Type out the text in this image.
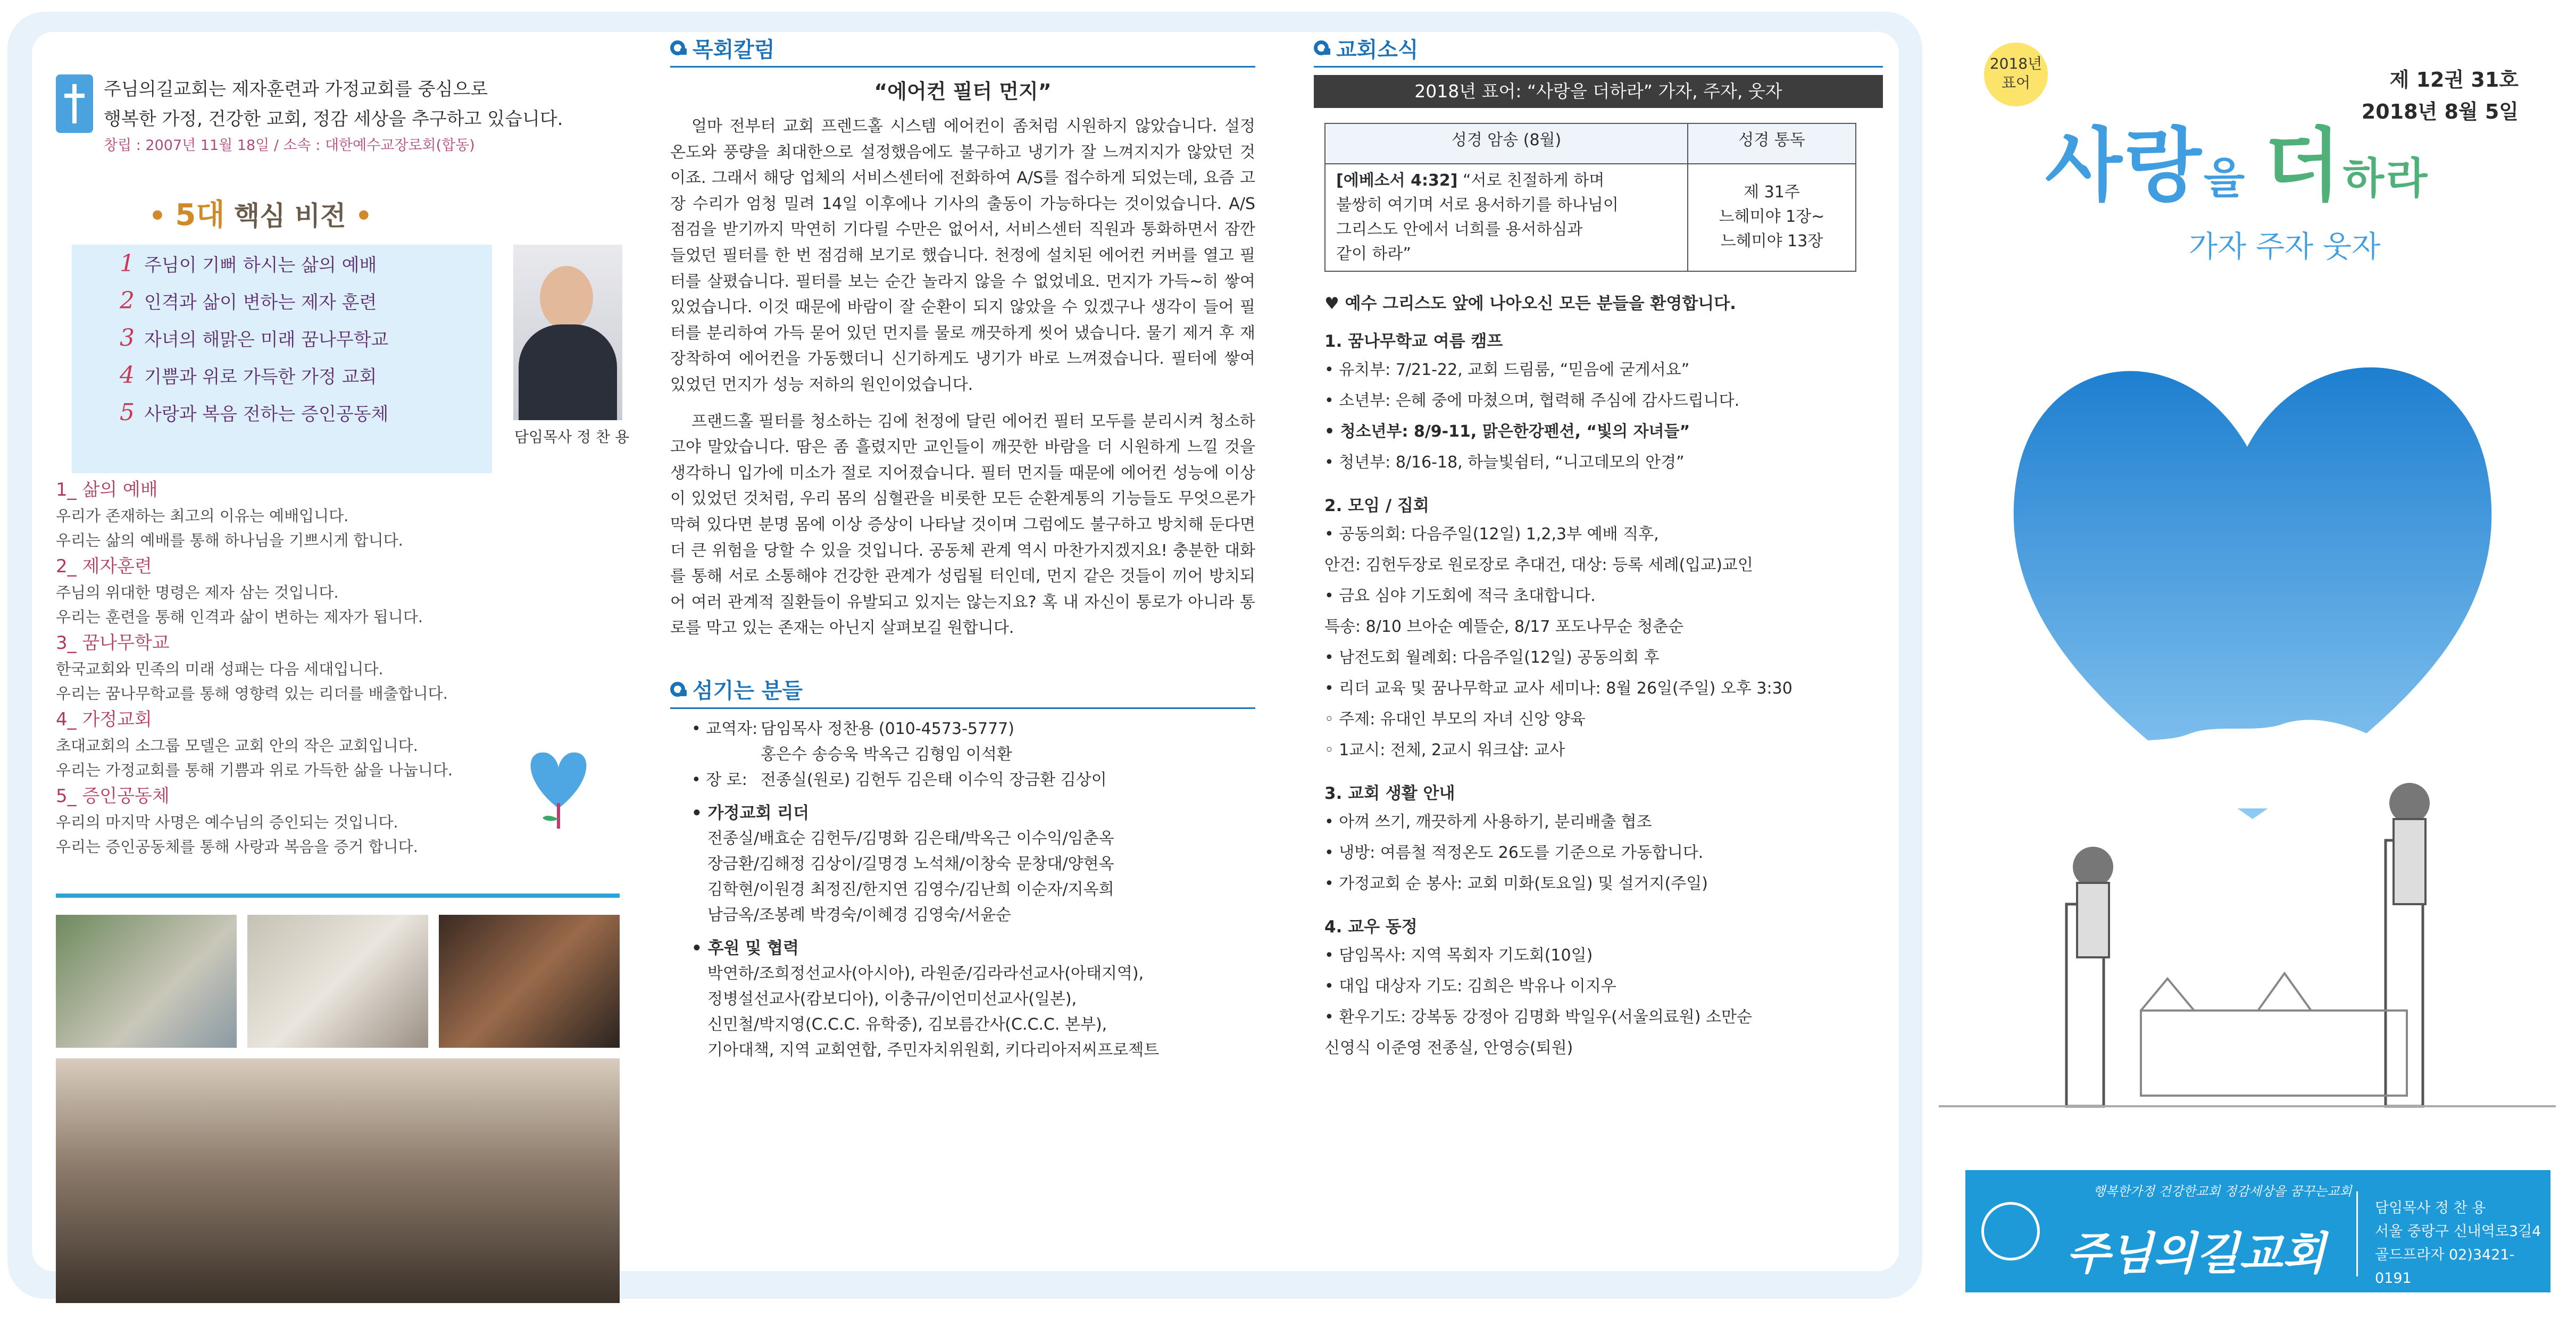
주님의길교회는 제자훈련과 가정교회를 중심으로
행복한 가정, 건강한 교회, 정감 세상을 추구하고 있습니다.
창립 : 2007년 11월 18일 / 소속 : 대한예수교장로회(합동)
• 5대 핵심 비전 •
1 주님이 기뻐 하시는 삶의 예배
2 인격과 삶이 변하는 제자 훈련
3 자녀의 해맑은 미래 꿈나무학교
4 기쁨과 위로 가득한 가정 교회
5 사랑과 복음 전하는 증인공동체
담임목사 정 찬 용
1_ 삶의 예배
우리가 존재하는 최고의 이유는 예배입니다.
우리는 삶의 예배를 통해 하나님을 기쁘시게 합니다.
2_ 제자훈련
주님의 위대한 명령은 제자 삼는 것입니다.
우리는 훈련을 통해 인격과 삶이 변하는 제자가 됩니다.
3_ 꿈나무학교
한국교회와 민족의 미래 성패는 다음 세대입니다.
우리는 꿈나무학교를 통해 영향력 있는 리더를 배출합니다.
4_ 가정교회
초대교회의 소그룹 모델은 교회 안의 작은 교회입니다.
우리는 가정교회를 통해 기쁨과 위로 가득한 삶을 나눕니다.
5_ 증인공동체
우리의 마지막 사명은 예수님의 증인되는 것입니다.
우리는 증인공동체를 통해 사랑과 복음을 증거 합니다.
목회칼럼
“에어컨 필터 먼지”
얼마 전부터 교회 프렌드홀 시스템 에어컨이 좀처럼 시원하지 않았습니다. 설정 온도와 풍량을 최대한으로 설정했음에도 불구하고 냉기가 잘 느껴지지가 않았던 것이죠. 그래서 해당 업체의 서비스센터에 전화하여 A/S를 접수하게 되었는데, 요즘 고장 수리가 엄청 밀려 14일 이후에나 기사의 출동이 가능하다는 것이었습니다. A/S 점검을 받기까지 막연히 기다릴 수만은 없어서, 서비스센터 직원과 통화하면서 잠깐 들었던 필터를 한 번 점검해 보기로 했습니다. 천정에 설치된 에어컨 커버를 열고 필터를 살폈습니다. 필터를 보는 순간 놀라지 않을 수 없었네요. 먼지가 가득~히 쌓여 있었습니다. 이것 때문에 바람이 잘 순환이 되지 않았을 수 있겠구나 생각이 들어 필터를 분리하여 가득 묻어 있던 먼지를 물로 깨끗하게 씻어 냈습니다. 물기 제거 후 재장착하여 에어컨을 가동했더니 신기하게도 냉기가 바로 느껴졌습니다. 필터에 쌓여 있었던 먼지가 성능 저하의 원인이었습니다.
프랜드홀 필터를 청소하는 김에 천정에 달린 에어컨 필터 모두를 분리시켜 청소하고야 말았습니다. 땀은 좀 흘렸지만 교인들이 깨끗한 바람을 더 시원하게 느낄 것을 생각하니 입가에 미소가 절로 지어졌습니다. 필터 먼지들 때문에 에어컨 성능에 이상이 있었던 것처럼, 우리 몸의 심혈관을 비롯한 모든 순환계통의 기능들도 무엇으론가 막혀 있다면 분명 몸에 이상 증상이 나타날 것이며 그럼에도 불구하고 방치해 둔다면 더 큰 위험을 당할 수 있을 것입니다. 공동체 관계 역시 마찬가지겠지요! 충분한 대화를 통해 서로 소통해야 건강한 관계가 성립될 터인데, 먼지 같은 것들이 끼어 방치되어 여러 관계적 질환들이 유발되고 있지는 않는지요? 혹 내 자신이 통로가 아니라 통로를 막고 있는 존재는 아닌지 살펴보길 원합니다.
섬기는 분들
• 교역자: 담임목사 정찬용 (010-4573-5777)
홍은수 송승욱 박옥근 김형임 이석환
• 장 로: 전종실(원로) 김헌두 김은태 이수익 장금환 김상이
• 가정교회 리더
전종실/배효순 김헌두/김명화 김은태/박옥근 이수익/임춘옥
장금환/김해정 김상이/길명경 노석채/이창숙 문창대/양현옥
김학현/이원경 최정진/한지연 김영수/김난희 이순자/지옥희
남금옥/조봉례 박경숙/이혜경 김영숙/서윤순
• 후원 및 협력
박연하/조희정선교사(아시아), 라원준/김라라선교사(아태지역),
정병설선교사(캄보디아), 이충규/이언미선교사(일본),
신민철/박지영(C.C.C. 유학중), 김보름간사(C.C.C. 본부),
기아대책, 지역 교회연합, 주민자치위원회, 키다리아저씨프로젝트
교회소식
2018년 표어: “사랑을 더하라” 가자, 주자, 웃자
성경 암송 (8월)	성경 통독
[에베소서 4:32] “서로 친절하게 하며
불쌍히 여기며 서로 용서하기를 하나님이
그리스도 안에서 너희를 용서하심과
같이 하라”	제 31주
느헤미야 1장~
느헤미야 13장
♥ 예수 그리스도 앞에 나아오신 모든 분들을 환영합니다.
1. 꿈나무학교 여름 캠프
• 유치부: 7/21-22, 교회 드림룸, “믿음에 굳게서요”
• 소년부: 은혜 중에 마쳤으며, 협력해 주심에 감사드립니다.
• 청소년부: 8/9-11, 맑은한강펜션, “빛의 자녀들”
• 청년부: 8/16-18, 하늘빛쉼터, “니고데모의 안경”
2. 모임 / 집회
• 공동의회: 다음주일(12일) 1,2,3부 예배 직후,
안건: 김헌두장로 원로장로 추대건, 대상: 등록 세례(입교)교인
• 금요 심야 기도회에 적극 초대합니다.
특송: 8/10 브아순 예뜰순, 8/17 포도나무순 청춘순
• 남전도회 월례회: 다음주일(12일) 공동의회 후
• 리더 교육 및 꿈나무학교 교사 세미나: 8월 26일(주일) 오후 3:30
◦ 주제: 유대인 부모의 자녀 신앙 양육
◦ 1교시: 전체, 2교시 워크샵: 교사
3. 교회 생활 안내
• 아껴 쓰기, 깨끗하게 사용하기, 분리배출 협조
• 냉방: 여름철 적정온도 26도를 기준으로 가동합니다.
• 가정교회 순 봉사: 교회 미화(토요일) 및 설거지(주일)
4. 교우 동정
• 담임목사: 지역 목회자 기도회(10일)
• 대입 대상자 기도: 김희은 박유나 이지우
• 환우기도: 강복동 강정아 김명화 박일우(서울의료원) 소만순
신영식 이준영 전종실, 안영승(퇴원)
2018년
표어	제 12권 31호
2018년 8월 5일
사랑을 더하라
가자 주자 웃자
행복한가정 건강한교회 정감세상을 꿈꾸는교회
주님의길교회
담임목사 정 찬 용
서울 중랑구 신내역로3길4
골드프라자 02)3421-0191
